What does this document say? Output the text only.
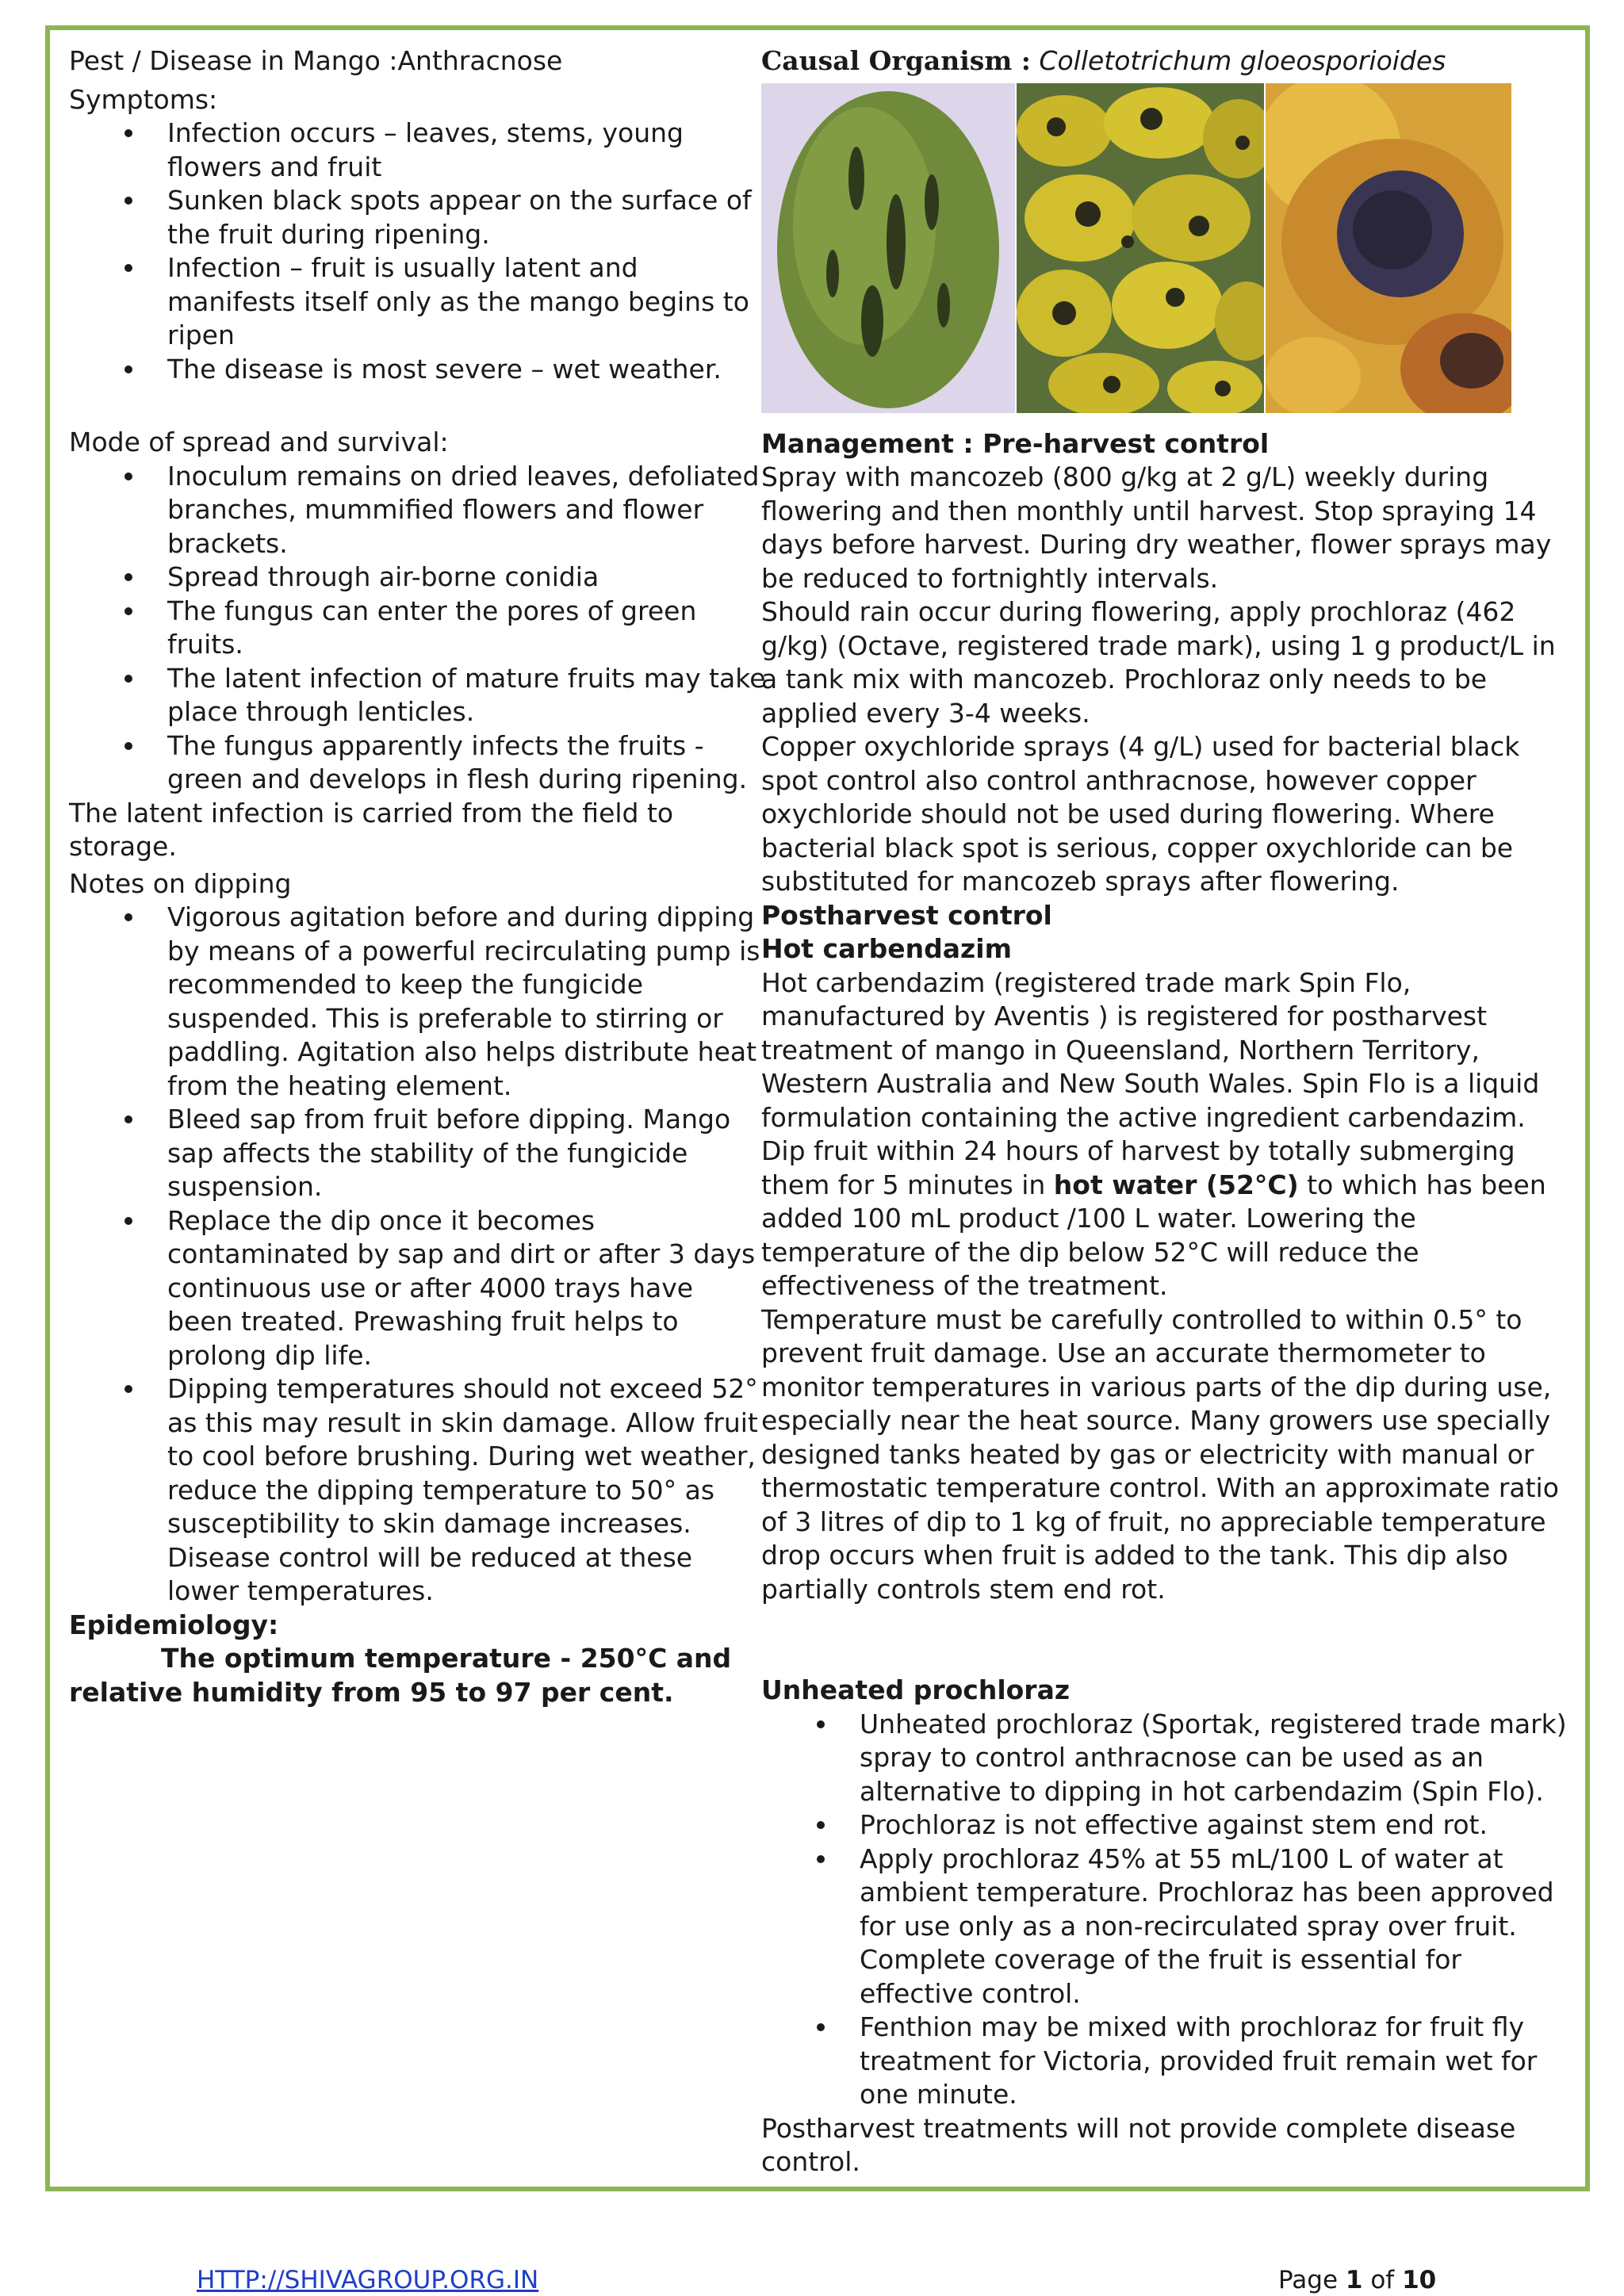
Pest / Disease in Mango :Anthracnose
Symptoms:
Infection occurs – leaves, stems, young flowers and fruit
Sunken black spots appear on the surface of the fruit during ripening.
Infection – fruit is usually latent and manifests itself only as the mango begins to ripen
The disease is most severe – wet weather.
Mode of spread and survival:
Inoculum remains on dried leaves, defoliated branches, mummified flowers and flower brackets.
Spread through air-borne conidia
The fungus can enter the pores of green fruits.
The latent infection of mature fruits may take place through lenticles.
The fungus apparently infects the fruits - green and develops in flesh during ripening.
The latent infection is carried from the field to storage.
Notes on dipping
Vigorous agitation before and during dipping by means of a powerful recirculating pump is recommended to keep the fungicide suspended. This is preferable to stirring or paddling. Agitation also helps distribute heat from the heating element.
Bleed sap from fruit before dipping. Mango sap affects the stability of the fungicide suspension.
Replace the dip once it becomes contaminated by sap and dirt or after 3 days continuous use or after 4000 trays have been treated. Prewashing fruit helps to prolong dip life.
Dipping temperatures should not exceed 52° as this may result in skin damage. Allow fruit to cool before brushing. During wet weather, reduce the dipping temperature to 50° as susceptibility to skin damage increases. Disease control will be reduced at these lower temperatures.
Epidemiology:
The optimum temperature - 250°C and relative humidity from 95 to 97 per cent.
Causal Organism : Colletotrichum gloeosporioides
Management : Pre-harvest control
Spray with mancozeb (800 g/kg at 2 g/L) weekly during flowering and then monthly until harvest. Stop spraying 14 days before harvest. During dry weather, flower sprays may be reduced to fortnightly intervals.
Should rain occur during flowering, apply prochloraz (462 g/kg) (Octave, registered trade mark), using 1 g product/L in a tank mix with mancozeb. Prochloraz only needs to be applied every 3-4 weeks.
Copper oxychloride sprays (4 g/L) used for bacterial black spot control also control anthracnose, however copper oxychloride should not be used during flowering. Where bacterial black spot is serious, copper oxychloride can be substituted for mancozeb sprays after flowering.
Postharvest control
Hot carbendazim
Hot carbendazim (registered trade mark Spin Flo, manufactured by Aventis ) is registered for postharvest treatment of mango in Queensland, Northern Territory, Western Australia and New South Wales. Spin Flo is a liquid formulation containing the active ingredient carbendazim.
Dip fruit within 24 hours of harvest by totally submerging them for 5 minutes in hot water (52°C) to which has been added 100 mL product /100 L water. Lowering the temperature of the dip below 52°C will reduce the effectiveness of the treatment.
Temperature must be carefully controlled to within 0.5° to prevent fruit damage. Use an accurate thermometer to monitor temperatures in various parts of the dip during use, especially near the heat source. Many growers use specially designed tanks heated by gas or electricity with manual or thermostatic temperature control. With an approximate ratio of 3 litres of dip to 1 kg of fruit, no appreciable temperature drop occurs when fruit is added to the tank. This dip also partially controls stem end rot.
Unheated prochloraz
Unheated prochloraz (Sportak, registered trade mark) spray to control anthracnose can be used as an alternative to dipping in hot carbendazim (Spin Flo).
Prochloraz is not effective against stem end rot.
Apply prochloraz 45% at 55 mL/100 L of water at ambient temperature. Prochloraz has been approved for use only as a non-recirculated spray over fruit. Complete coverage of the fruit is essential for effective control.
Fenthion may be mixed with prochloraz for fruit fly treatment for Victoria, provided fruit remain wet for one minute.
Postharvest treatments will not provide complete disease control.
HTTP://SHIVAGROUP.ORG.IN	Page 1 of 10
